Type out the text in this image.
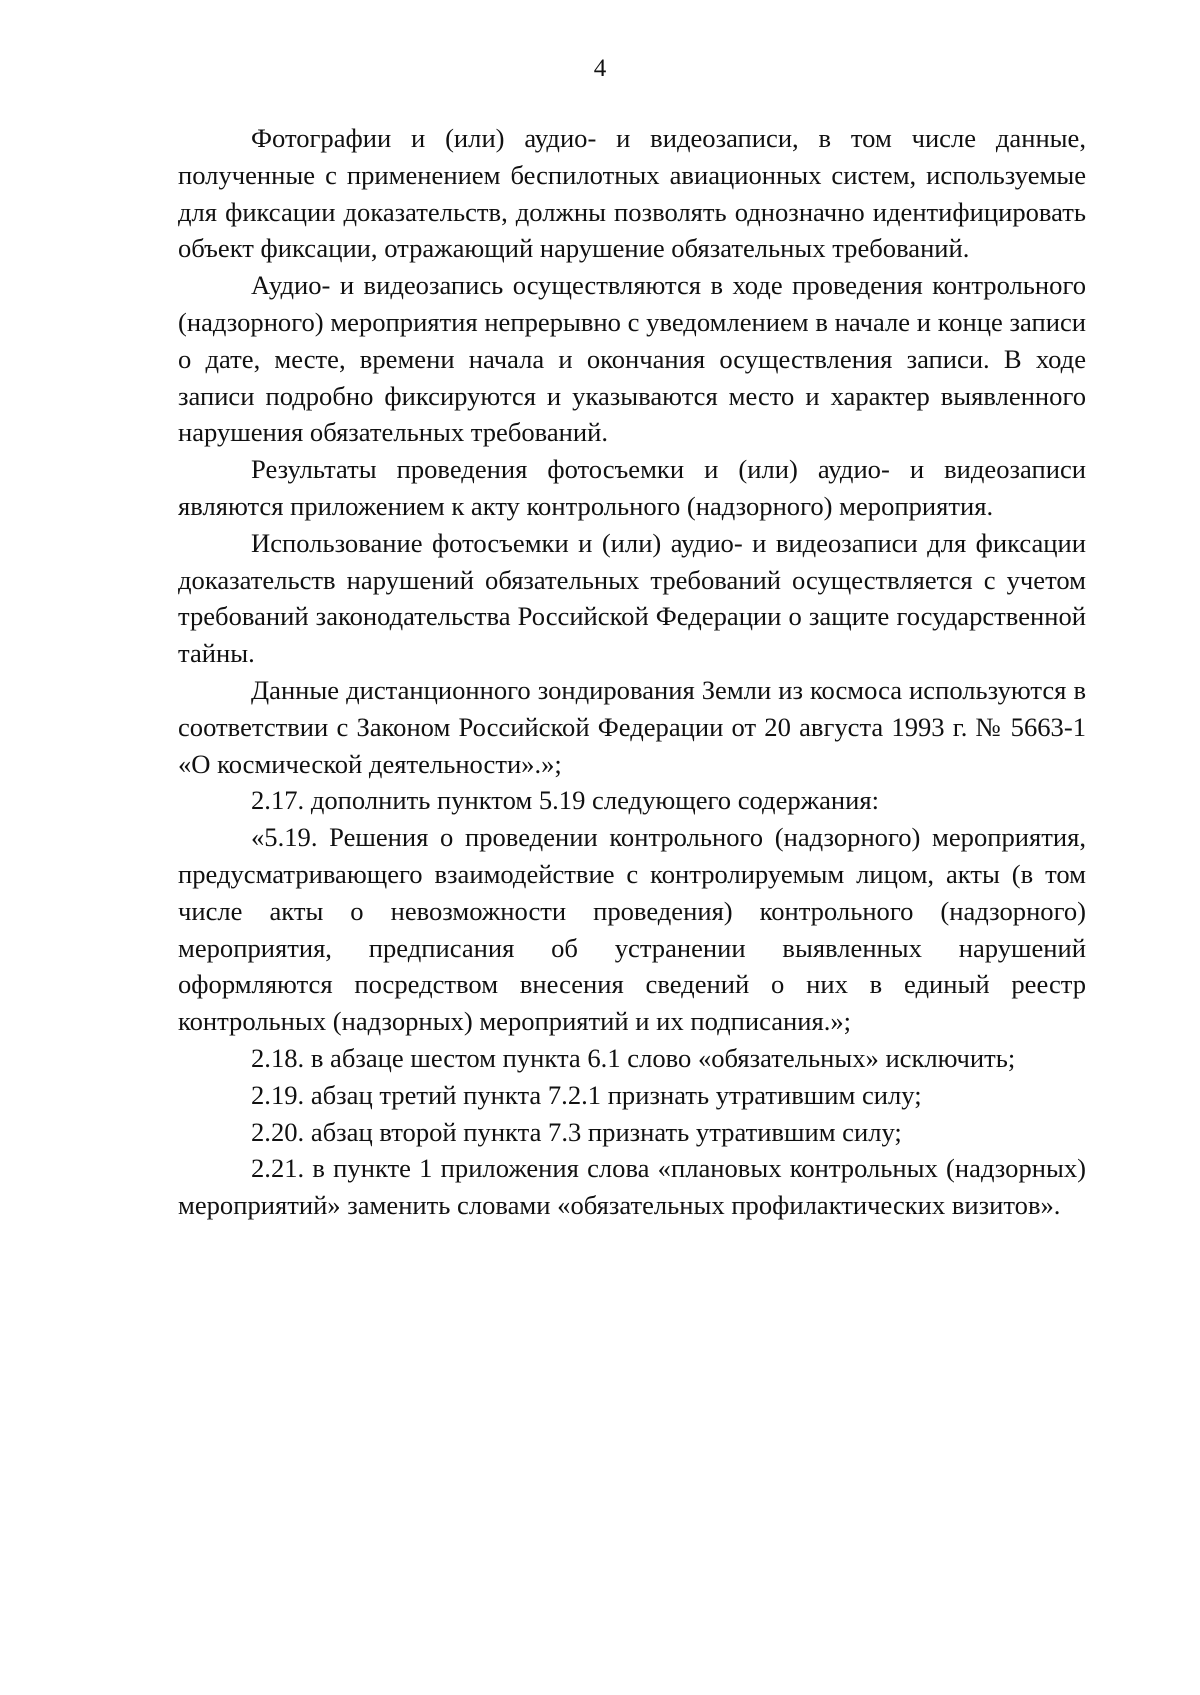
4

Фотографии и (или) аудио- и видеозаписи, в том числе данные, полученные с применением беспилотных авиационных систем, используемые для фиксации доказательств, должны позволять однозначно идентифицировать объект фиксации, отражающий нарушение обязательных требований.

Аудио- и видеозапись осуществляются в ходе проведения контрольного (надзорного) мероприятия непрерывно с уведомлением в начале и конце записи о дате, месте, времени начала и окончания осуществления записи. В ходе записи подробно фиксируются и указываются место и характер выявленного нарушения обязательных требований.

Результаты проведения фотосъемки и (или) аудио- и видеозаписи являются приложением к акту контрольного (надзорного) мероприятия.

Использование фотосъемки и (или) аудио- и видеозаписи для фиксации доказательств нарушений обязательных требований осуществляется с учетом требований законодательства Российской Федерации о защите государственной тайны.

Данные дистанционного зондирования Земли из космоса используются в соответствии с Законом Российской Федерации от 20 августа 1993 г. № 5663-1 «О космической деятельности».»;

2.17. дополнить пунктом 5.19 следующего содержания:

«5.19. Решения о проведении контрольного (надзорного) мероприятия, предусматривающего взаимодействие с контролируемым лицом, акты (в том числе акты о невозможности проведения) контрольного (надзорного) мероприятия, предписания об устранении выявленных нарушений оформляются посредством внесения сведений о них в единый реестр контрольных (надзорных) мероприятий и их подписания.»;

2.18. в абзаце шестом пункта 6.1 слово «обязательных» исключить;

2.19. абзац третий пункта 7.2.1 признать утратившим силу;

2.20. абзац второй пункта 7.3 признать утратившим силу;

2.21. в пункте 1 приложения слова «плановых контрольных (надзорных) мероприятий» заменить словами «обязательных профилактических визитов».
